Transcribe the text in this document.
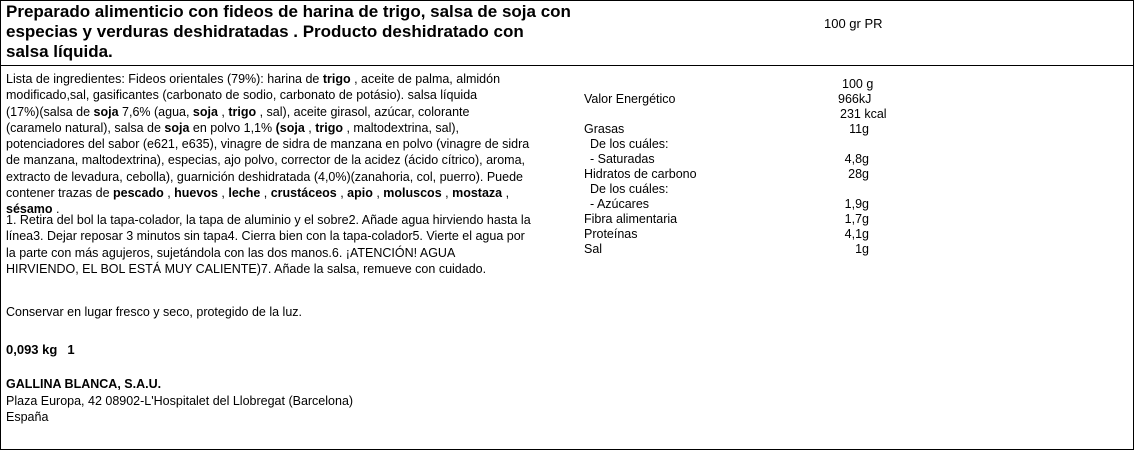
Preparado alimenticio con fideos de harina de trigo, salsa de soja con
especias y verduras deshidratadas . Producto deshidratado con
salsa líquida.
100 gr PR
Lista de ingredientes: Fideos orientales (79%): harina de trigo , aceite de palma, almidón
modificado,sal, gasificantes (carbonato de sodio, carbonato de potásio). salsa líquida
(17%)(salsa de soja 7,6% (agua, soja , trigo , sal), aceite girasol, azúcar, colorante
(caramelo natural), salsa de soja en polvo 1,1% (soja , trigo , maltodextrina, sal),
potenciadores del sabor (e621, e635), vinagre de sidra de manzana en polvo (vinagre de sidra
de manzana, maltodextrina), especias, ajo polvo, corrector de la acidez (ácido cítrico), aroma,
extracto de levadura, cebolla), guarnición deshidratada (4,0%)(zanahoria, col, puerro). Puede
contener trazas de pescado , huevos , leche , crustáceos , apio , moluscos , mostaza ,
sésamo .
1. Retira del bol la tapa-colador, la tapa de aluminio y el sobre2. Añade agua hirviendo hasta la
línea3. Dejar reposar 3 minutos sin tapa4. Cierra bien con la tapa-colador5. Vierte el agua por
la parte con más agujeros, sujetándola con las dos manos.6. ¡ATENCIÓN! AGUA
HIRVIENDO, EL BOL ESTÁ MUY CALIENTE)7. Añade la salsa, remueve con cuidado.
Conservar en lugar fresco y seco, protegido de la luz.
0,093 kg 1
GALLINA BLANCA, S.A.U.
Plaza Europa, 42 08902-L'Hospitalet del Llobregat (Barcelona)
España
100 g
Valor Energético	966kJ
231 kcal
Grasas	11g
De los cuáles:
- Saturadas	4,8g
Hidratos de carbono	28g
De los cuáles:
- Azúcares	1,9g
Fibra alimentaria	1,7g
Proteínas	4,1g
Sal	1g
